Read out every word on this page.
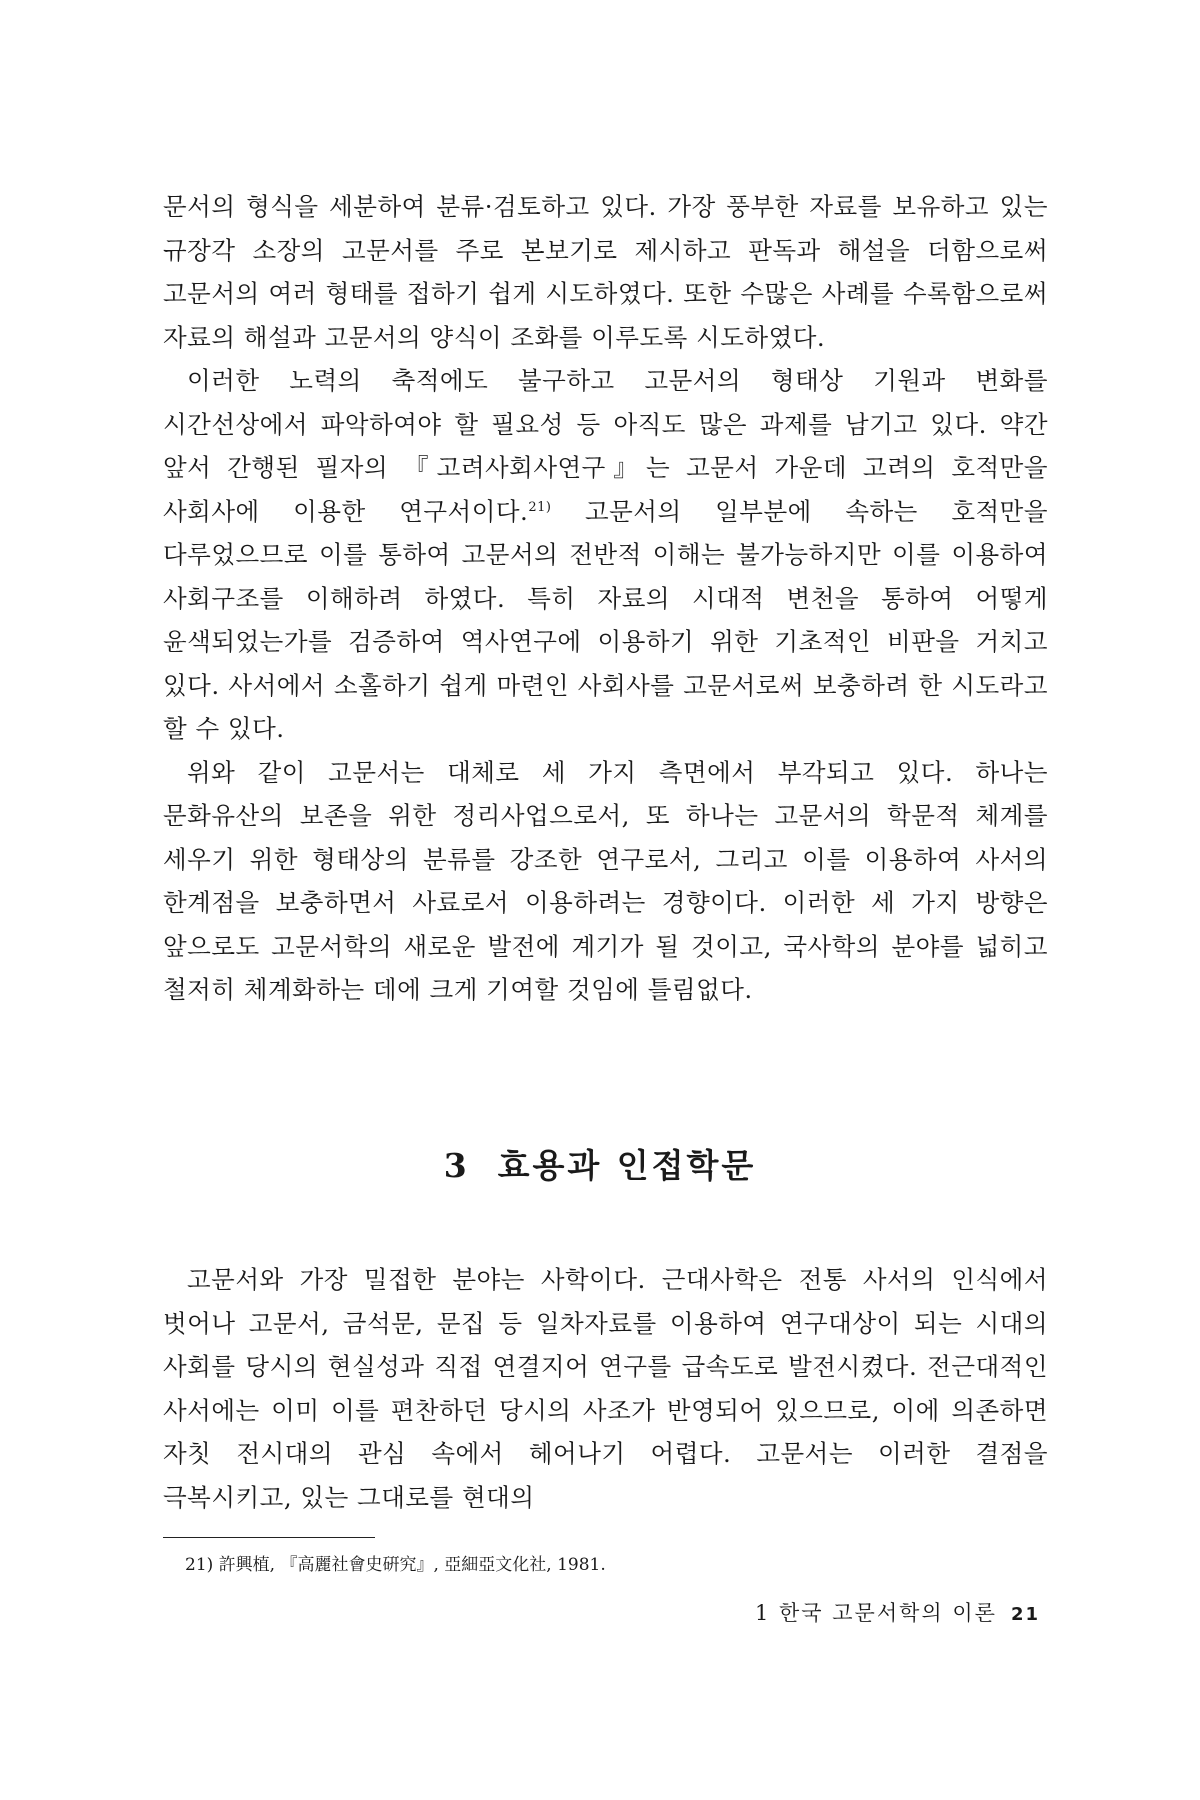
문서의 형식을 세분하여 분류·검토하고 있다. 가장 풍부한 자료를 보유하고 있는 규장각 소장의 고문서를 주로 본보기로 제시하고 판독과 해설을 더함으로써 고문서의 여러 형태를 접하기 쉽게 시도하였다. 또한 수많은 사례를 수록함으로써 자료의 해설과 고문서의 양식이 조화를 이루도록 시도하였다.

이러한 노력의 축적에도 불구하고 고문서의 형태상 기원과 변화를 시간선상에서 파악하여야 할 필요성 등 아직도 많은 과제를 남기고 있다. 약간 앞서 간행된 필자의 『고려사회사연구』는 고문서 가운데 고려의 호적만을 사회사에 이용한 연구서이다.$^{21)}$ 고문서의 일부분에 속하는 호적만을 다루었으므로 이를 통하여 고문서의 전반적 이해는 불가능하지만 이를 이용하여 사회구조를 이해하려 하였다. 특히 자료의 시대적 변천을 통하여 어떻게 윤색되었는가를 검증하여 역사연구에 이용하기 위한 기초적인 비판을 거치고 있다. 사서에서 소홀하기 쉽게 마련인 사회사를 고문서로써 보충하려 한 시도라고 할 수 있다.

위와 같이 고문서는 대체로 세 가지 측면에서 부각되고 있다. 하나는 문화유산의 보존을 위한 정리사업으로서, 또 하나는 고문서의 학문적 체계를 세우기 위한 형태상의 분류를 강조한 연구로서, 그리고 이를 이용하여 사서의 한계점을 보충하면서 사료로서 이용하려는 경향이다. 이러한 세 가지 방향은 앞으로도 고문서학의 새로운 발전에 계기가 될 것이고, 국사학의 분야를 넓히고 철저히 체계화하는 데에 크게 기여할 것임에 틀림없다.

3 효용과 인접학문

고문서와 가장 밀접한 분야는 사학이다. 근대사학은 전통 사서의 인식에서 벗어나 고문서, 금석문, 문집 등 일차자료를 이용하여 연구대상이 되는 시대의 사회를 당시의 현실성과 직접 연결지어 연구를 급속도로 발전시켰다. 전근대적인 사서에는 이미 이를 편찬하던 당시의 사조가 반영되어 있으므로, 이에 의존하면 자칫 전시대의 관심 속에서 헤어나기 어렵다. 고문서는 이러한 결점을 극복시키고, 있는 그대로를 현대의

21) 許興植, 『高麗社會史硏究』, 亞細亞文化社, 1981.

1 한국 고문서학의 이론 21
